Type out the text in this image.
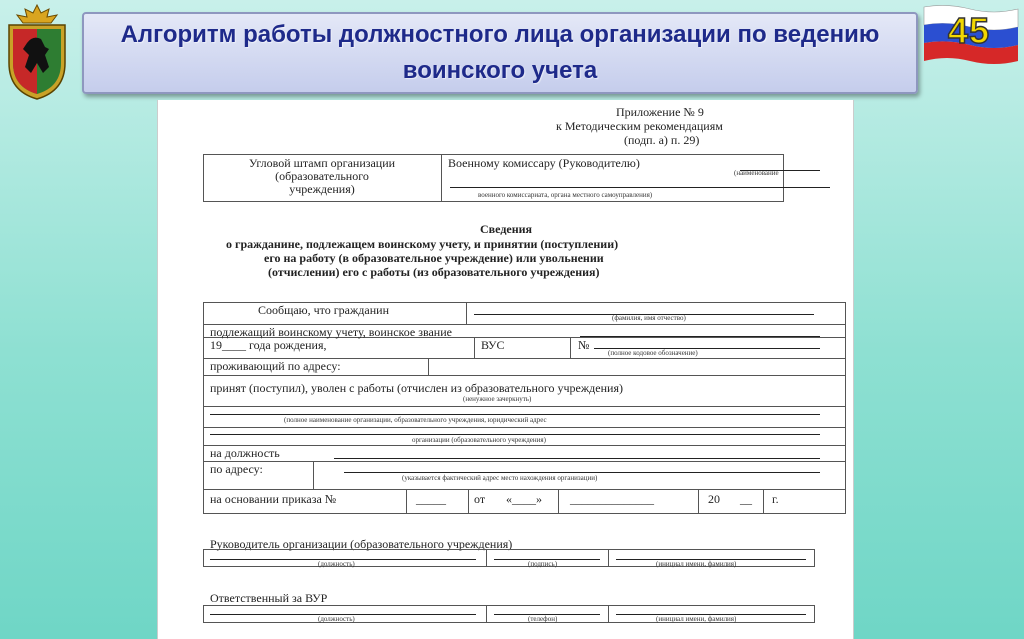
45
Алгоритм работы должностного лица организации по ведению
воинского учета
Приложение № 9
к Методическим рекомендациям
(подп. а) п. 29)
Угловой штамп организации
(образовательного
учреждения)
Военному комиссару (Руководителю)
(наименование
военного комиссариата, органа местного самоуправления)
Сведения
о гражданине, подлежащем воинскому учету, и принятии (поступлении)
его на работу (в образовательное учреждение) или увольнении
(отчислении) его с работы (из образовательного учреждения)
Сообщаю, что гражданин
(фамилия, имя отчество)
подлежащий воинскому учету, воинское звание
19____ года рождения,	ВУС	№
(полное кодовое обозначение)
проживающий по адресу:
принят (поступил), уволен с работы (отчислен из образовательного учреждения)
(ненужное зачеркнуть)
(полное наименование организации, образовательного учреждения, юридический адрес
организации (образовательного учреждения)
на должность
по адресу:
(указывается фактический адрес место нахождения организации)
на основании приказа №	_____ от «____» ______________	20 __ г.
Руководитель организации (образовательного учреждения)
(должность)	(подпись)	(инициал имени, фамилия)
Ответственный за ВУР
(должность)	(телефон)	(инициал имени, фамилия)
